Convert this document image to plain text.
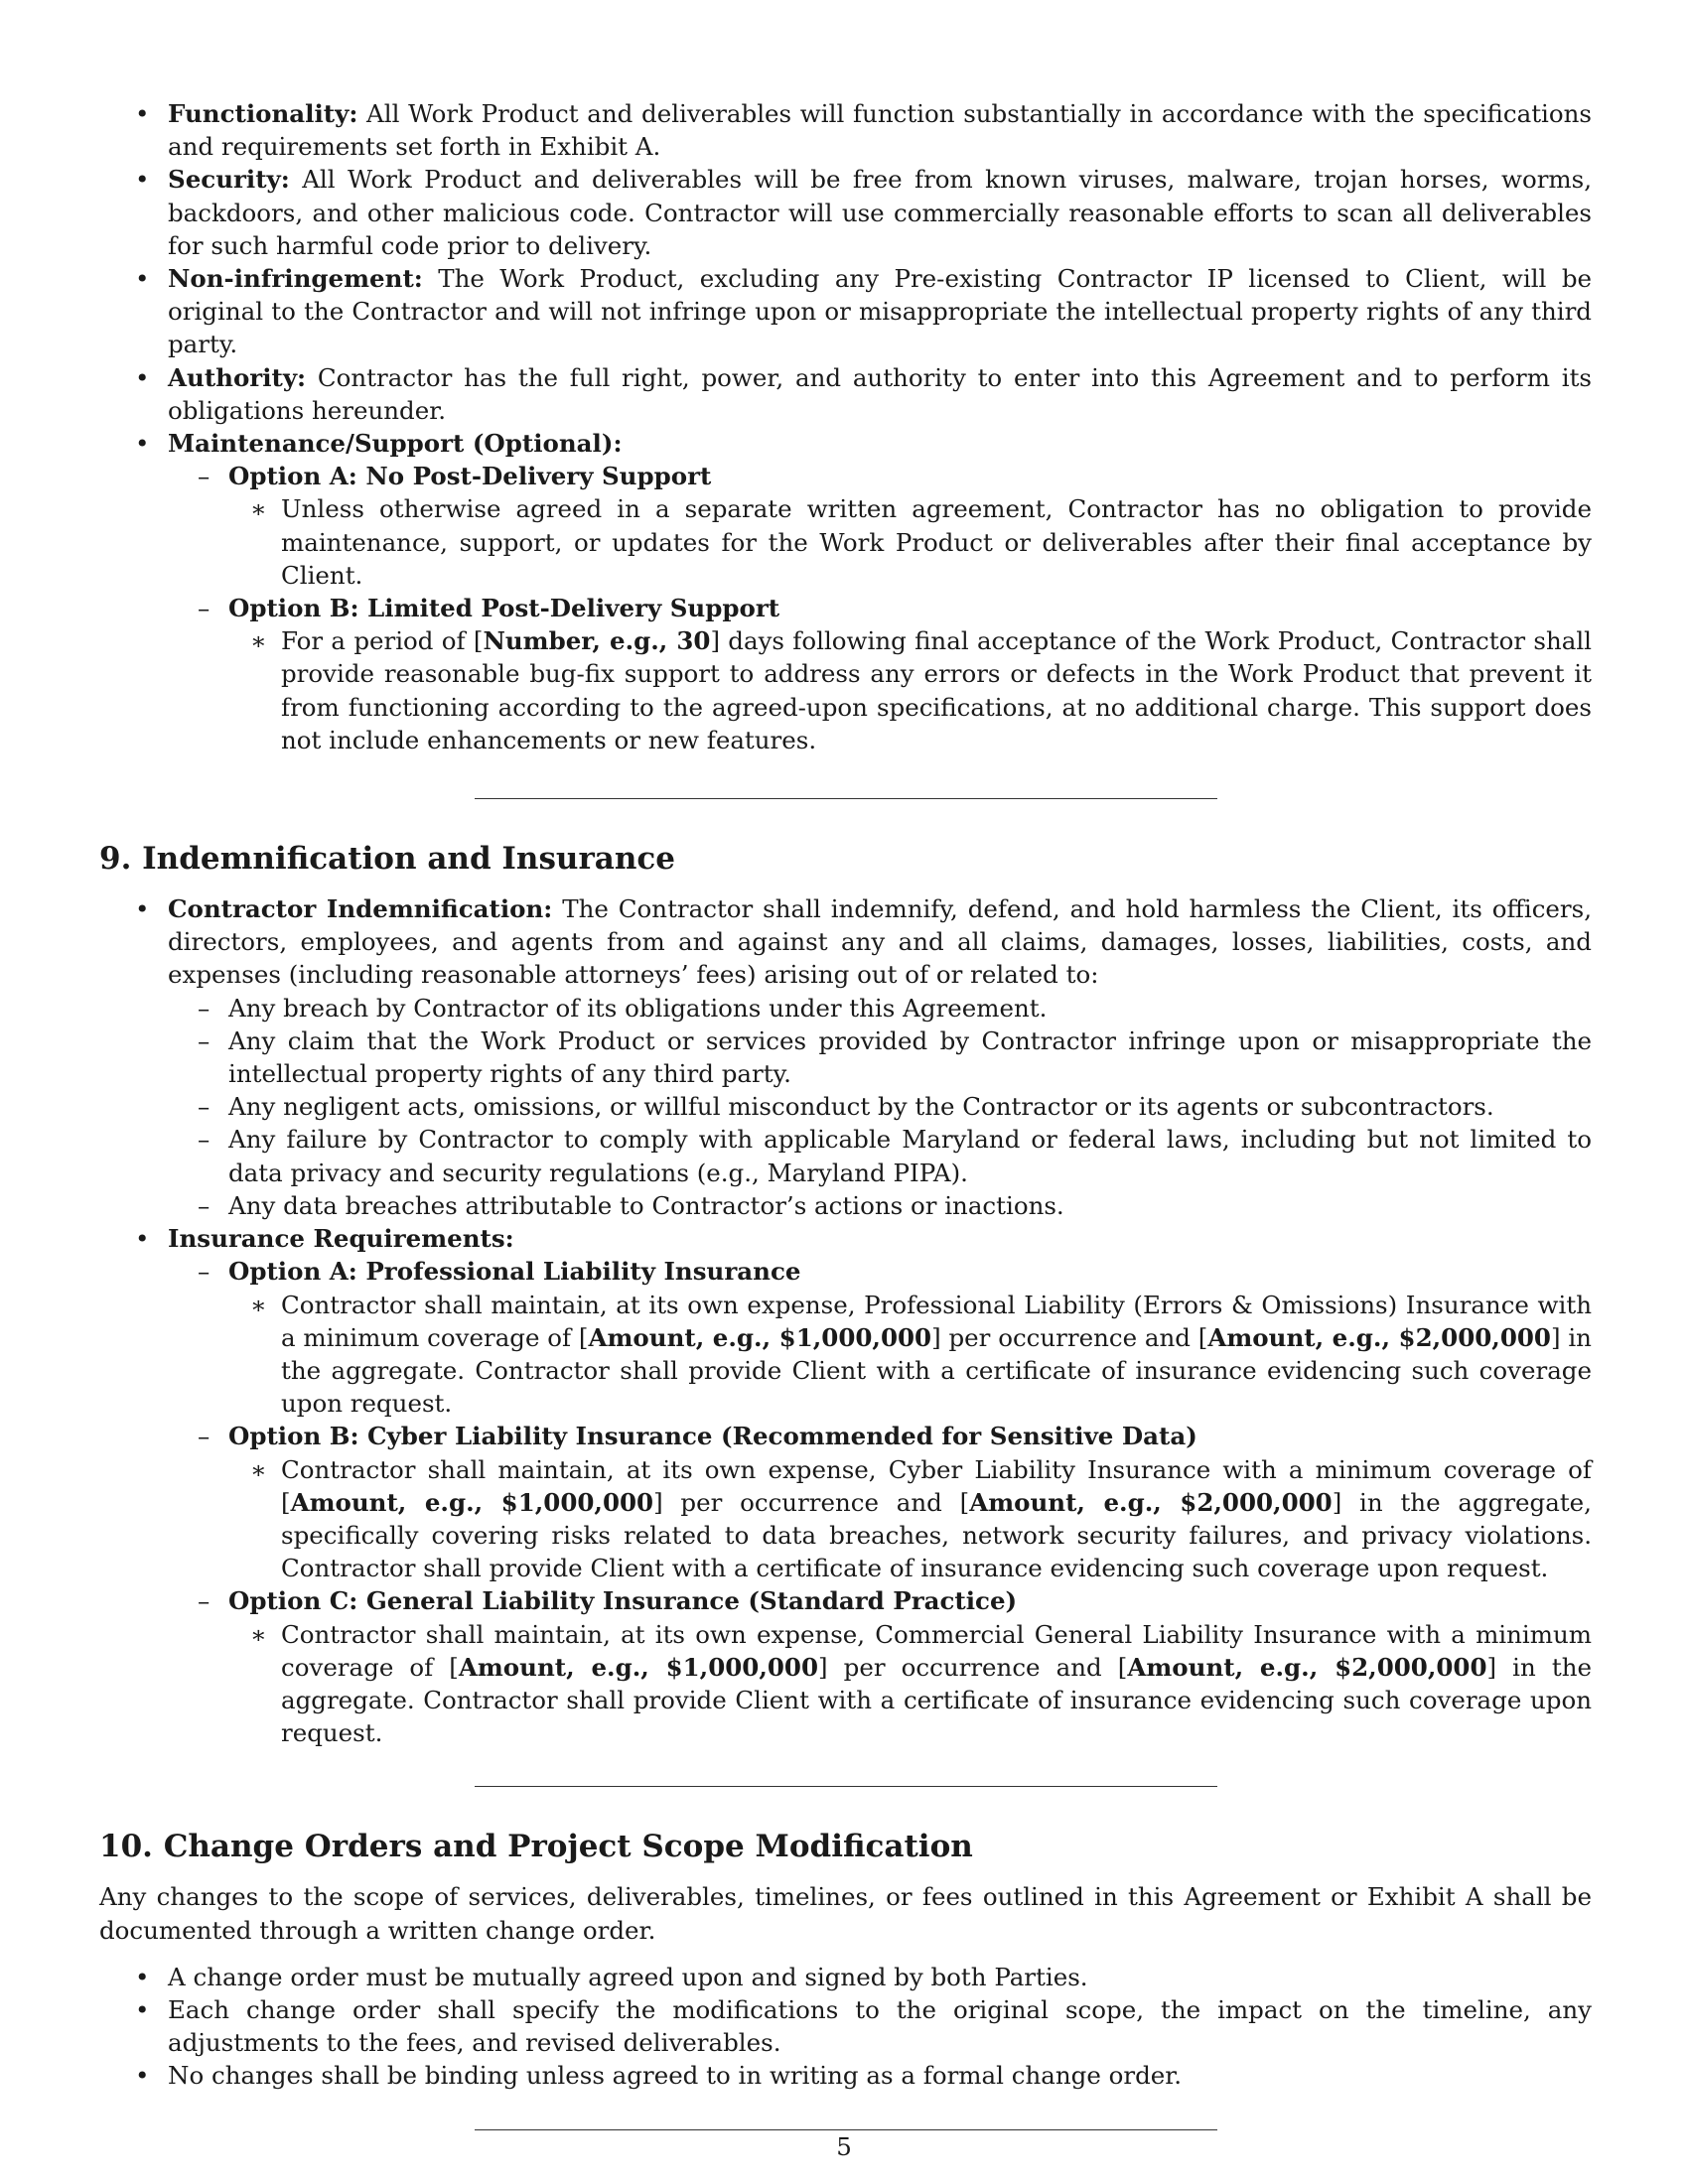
• Functionality: All Work Product and deliverables will function substantially in accordance with the specifications and requirements set forth in Exhibit A.
• Security: All Work Product and deliverables will be free from known viruses, malware, trojan horses, worms, backdoors, and other malicious code. Contractor will use commercially reasonable efforts to scan all deliverables for such harmful code prior to delivery.
• Non-infringement: The Work Product, excluding any Pre-existing Contractor IP licensed to Client, will be original to the Contractor and will not infringe upon or misappropriate the intellectual property rights of any third party.
• Authority: Contractor has the full right, power, and authority to enter into this Agreement and to perform its obligations hereunder.
• Maintenance/Support (Optional):
– Option A: No Post-Delivery Support
∗ Unless otherwise agreed in a separate written agreement, Contractor has no obligation to provide maintenance, support, or updates for the Work Product or deliverables after their final acceptance by Client.
– Option B: Limited Post-Delivery Support
∗ For a period of [Number, e.g., 30] days following final acceptance of the Work Product, Contractor shall provide reasonable bug-fix support to address any errors or defects in the Work Product that prevent it from functioning according to the agreed-upon specifications, at no additional charge. This support does not include enhancements or new features.
9. Indemnification and Insurance
• Contractor Indemnification: The Contractor shall indemnify, defend, and hold harmless the Client, its officers, directors, employees, and agents from and against any and all claims, damages, losses, liabilities, costs, and expenses (including reasonable attorneys’ fees) arising out of or related to:
– Any breach by Contractor of its obligations under this Agreement.
– Any claim that the Work Product or services provided by Contractor infringe upon or misappropriate the intellectual property rights of any third party.
– Any negligent acts, omissions, or willful misconduct by the Contractor or its agents or subcontractors.
– Any failure by Contractor to comply with applicable Maryland or federal laws, including but not limited to data privacy and security regulations (e.g., Maryland PIPA).
– Any data breaches attributable to Contractor’s actions or inactions.
• Insurance Requirements:
– Option A: Professional Liability Insurance
∗ Contractor shall maintain, at its own expense, Professional Liability (Errors & Omissions) Insurance with a minimum coverage of [Amount, e.g., $1,000,000] per occurrence and [Amount, e.g., $2,000,000] in the aggregate. Contractor shall provide Client with a certificate of insurance evidencing such coverage upon request.
– Option B: Cyber Liability Insurance (Recommended for Sensitive Data)
∗ Contractor shall maintain, at its own expense, Cyber Liability Insurance with a minimum coverage of [Amount, e.g., $1,000,000] per occurrence and [Amount, e.g., $2,000,000] in the aggregate, specifically covering risks related to data breaches, network security failures, and privacy violations. Contractor shall provide Client with a certificate of insurance evidencing such coverage upon request.
– Option C: General Liability Insurance (Standard Practice)
∗ Contractor shall maintain, at its own expense, Commercial General Liability Insurance with a minimum coverage of [Amount, e.g., $1,000,000] per occurrence and [Amount, e.g., $2,000,000] in the aggregate. Contractor shall provide Client with a certificate of insurance evidencing such coverage upon request.
10. Change Orders and Project Scope Modification

Any changes to the scope of services, deliverables, timelines, or fees outlined in this Agreement or Exhibit A shall be documented through a written change order.

• A change order must be mutually agreed upon and signed by both Parties.
• Each change order shall specify the modifications to the original scope, the impact on the timeline, any adjustments to the fees, and revised deliverables.
• No changes shall be binding unless agreed to in writing as a formal change order.
5
